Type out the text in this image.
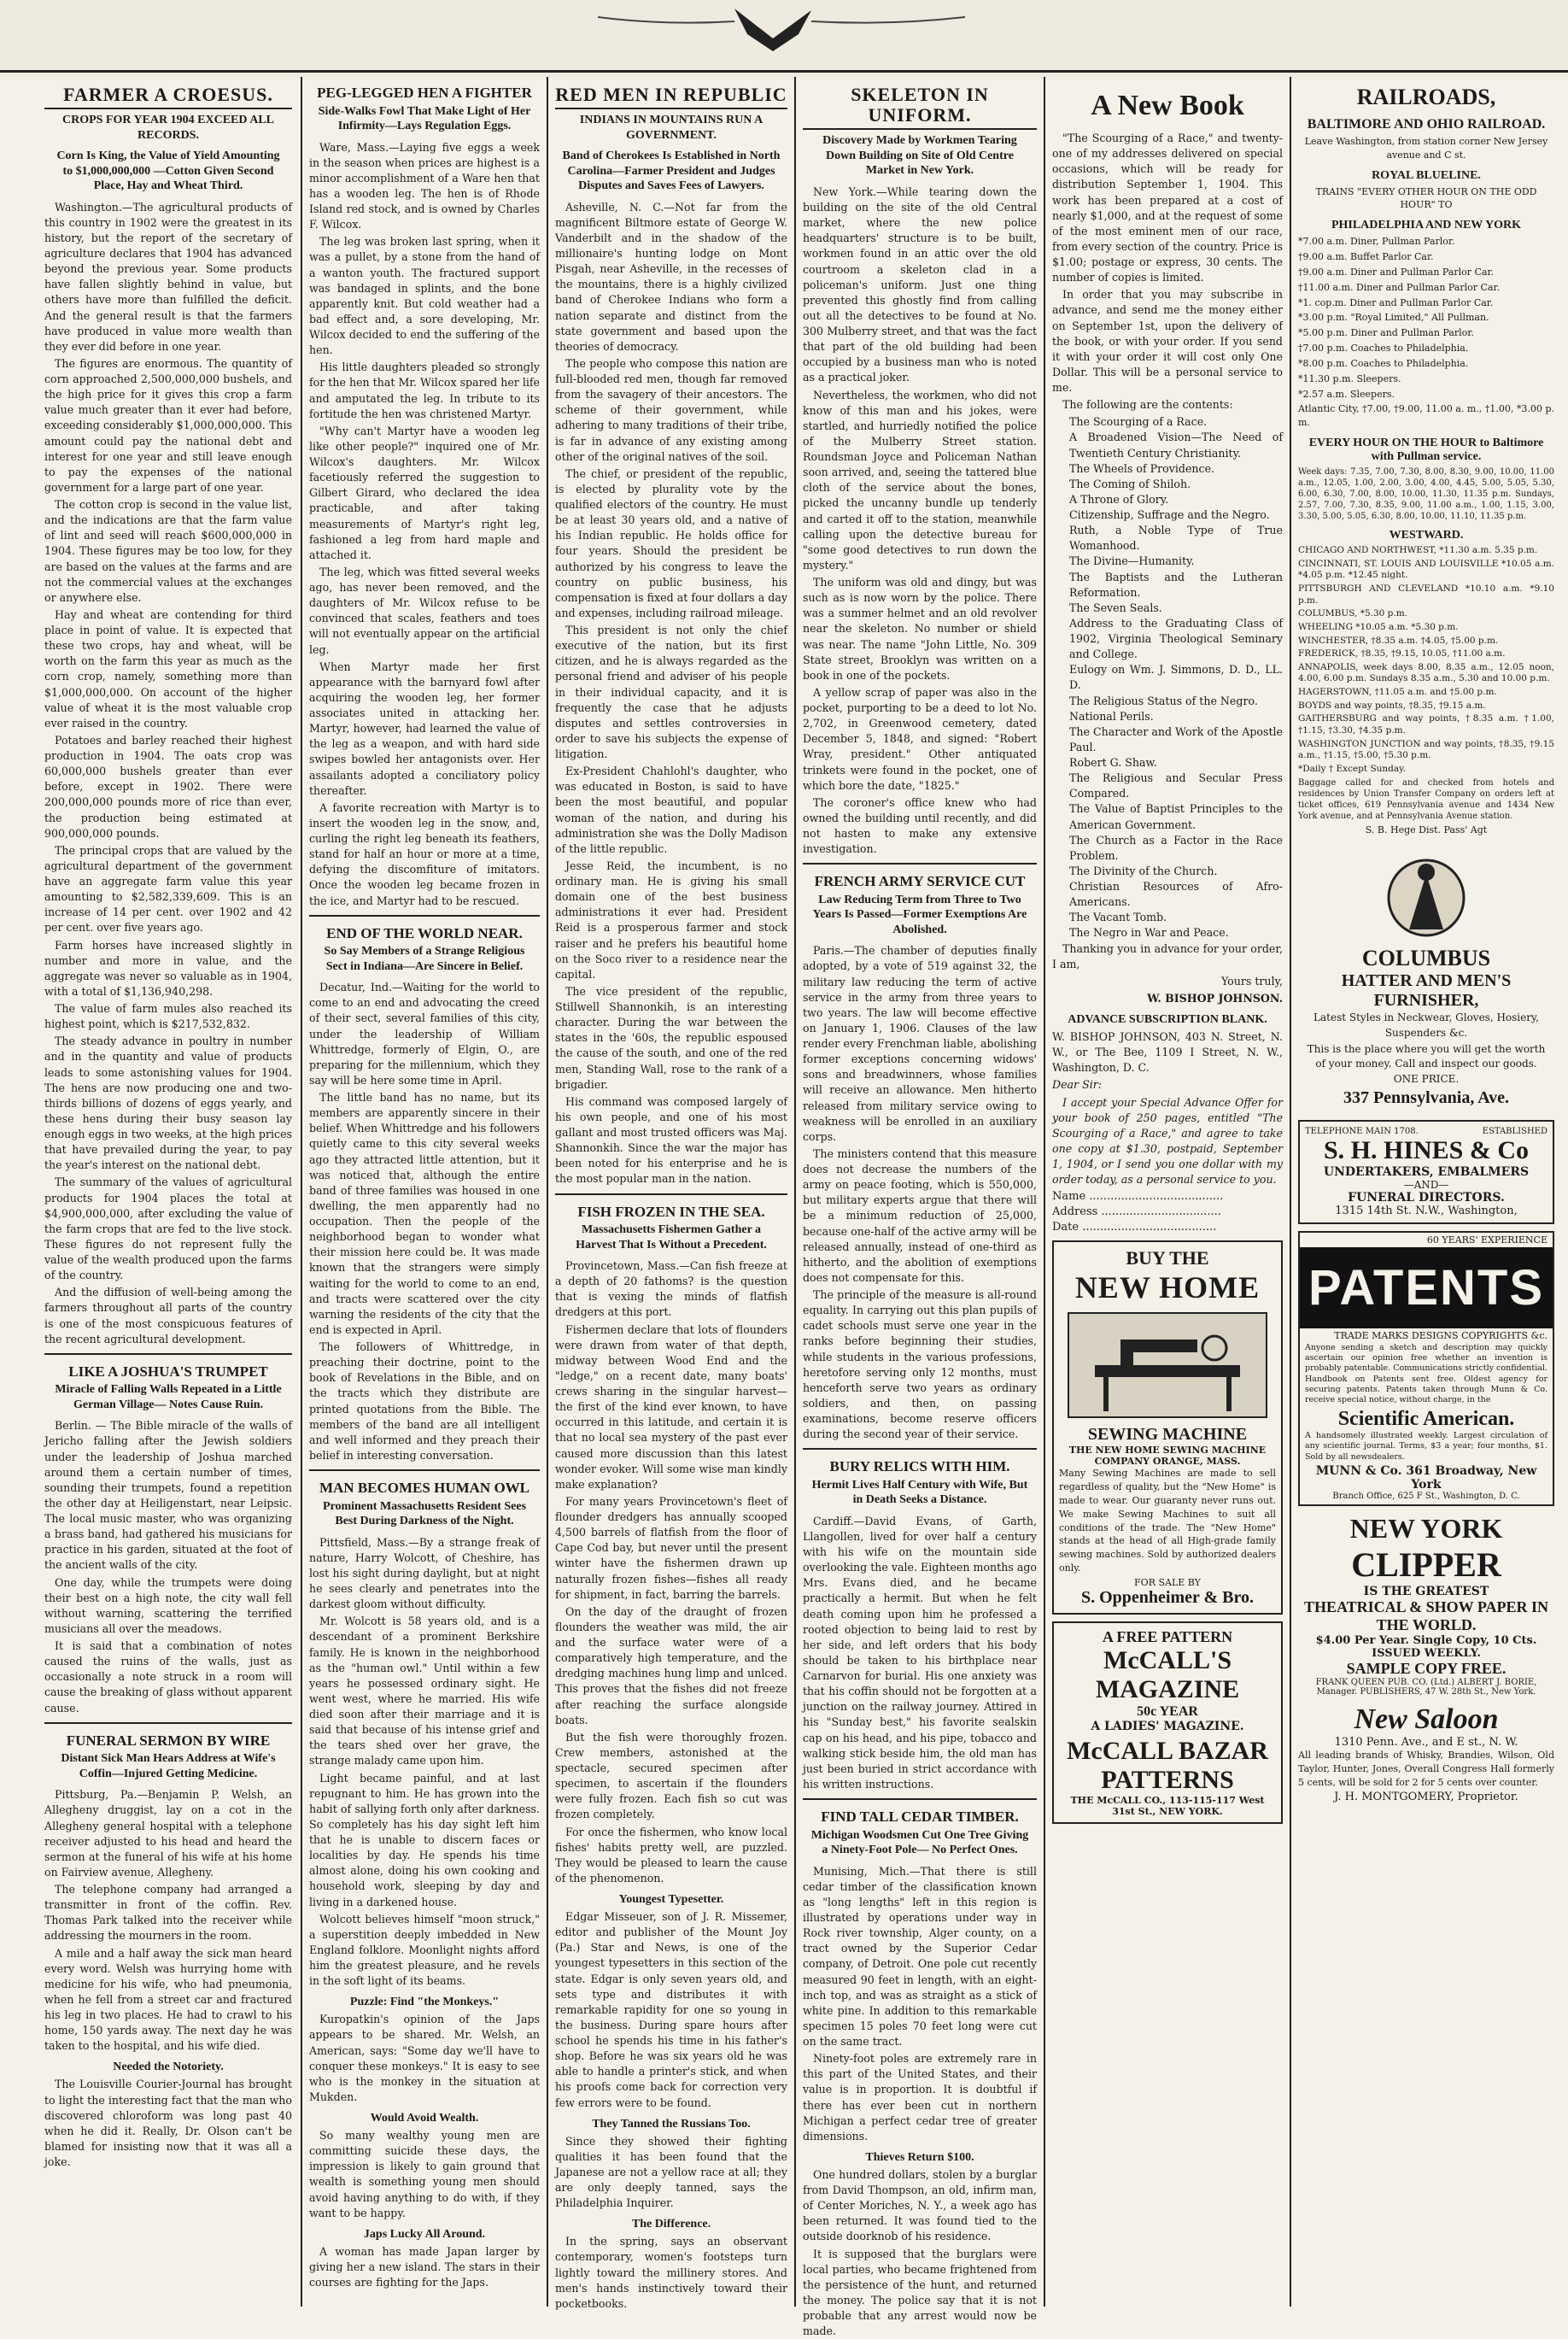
FARMER A CROESUS.
CROPS FOR YEAR 1904 EXCEED ALL RECORDS.
Corn Is King, the Value of Yield Amounting to $1,000,000,000 —Cotton Given Second Place, Hay and Wheat Third.

Washington.—The agricultural products of this country in 1902 were the greatest in its history, but the report of the secretary of agriculture declares that 1904 has advanced beyond the previous year. Some products have fallen slightly behind in value, but others have more than fulfilled the deficit. And the general result is that the farmers have produced in value more wealth than they ever did before in one year.

The figures are enormous. The quantity of corn approached 2,500,000,000 bushels, and the high price for it gives this crop a farm value much greater than it ever had before, exceeding considerably $1,000,000,000. This amount could pay the national debt and interest for one year and still leave enough to pay the expenses of the national government for a large part of one year.

The cotton crop is second in the value list, and the indications are that the farm value of lint and seed will reach $600,000,000 in 1904. These figures may be too low, for they are based on the values at the farms and are not the commercial values at the exchanges or anywhere else.

Hay and wheat are contending for third place in point of value. It is expected that these two crops, hay and wheat, will be worth on the farm this year as much as the corn crop, namely, something more than $1,000,000,000. On account of the higher value of wheat it is the most valuable crop ever raised in the country.

Potatoes and barley reached their highest production in 1904. The oats crop was 60,000,000 bushels greater than ever before, except in 1902. There were 200,000,000 pounds more of rice than ever, the production being estimated at 900,000,000 pounds.

The principal crops that are valued by the agricultural department of the government have an aggregate farm value this year amounting to $2,582,339,609. This is an increase of 14 per cent. over 1902 and 42 per cent. over five years ago.

Farm horses have increased slightly in number and more in value, and the aggregate was never so valuable as in 1904, with a total of $1,136,940,298.

The value of farm mules also reached its highest point, which is $217,532,832.

The steady advance in poultry in number and in the quantity and value of products leads to some astonishing values for 1904. The hens are now producing one and two-thirds billions of dozens of eggs yearly, and these hens during their busy season lay enough eggs in two weeks, at the high prices that have prevailed during the year, to pay the year's interest on the national debt.

The summary of the values of agricultural products for 1904 places the total at $4,900,000,000, after excluding the value of the farm crops that are fed to the live stock. These figures do not represent fully the value of the wealth produced upon the farms of the country.

And the diffusion of well-being among the farmers throughout all parts of the country is one of the most conspicuous features of the recent agricultural development.

LIKE A JOSHUA'S TRUMPET
Miracle of Falling Walls Repeated in a Little German Village— Notes Cause Ruin.

Berlin. — The Bible miracle of the walls of Jericho falling after the Jewish soldiers under the leadership of Joshua marched around them a certain number of times, sounding their trumpets, found a repetition the other day at Heiligenstart, near Leipsic. The local music master, who was organizing a brass band, had gathered his musicians for practice in his garden, situated at the foot of the ancient walls of the city.

One day, while the trumpets were doing their best on a high note, the city wall fell without warning, scattering the terrified musicians all over the meadows.

It is said that a combination of notes caused the ruins of the walls, just as occasionally a note struck in a room will cause the breaking of glass without apparent cause.

FUNERAL SERMON BY WIRE
Distant Sick Man Hears Address at Wife's Coffin—Injured Getting Medicine.

Pittsburg, Pa.—Benjamin P. Welsh, an Allegheny druggist, lay on a cot in the Allegheny general hospital with a telephone receiver adjusted to his head and heard the sermon at the funeral of his wife at his home on Fairview avenue, Allegheny.

The telephone company had arranged a transmitter in front of the coffin. Rev. Thomas Park talked into the receiver while addressing the mourners in the room.

A mile and a half away the sick man heard every word. Welsh was hurrying home with medicine for his wife, who had pneumonia, when he fell from a street car and fractured his leg in two places. He had to crawl to his home, 150 yards away. The next day he was taken to the hospital, and his wife died.

Needed the Notoriety.

The Louisville Courier-Journal has brought to light the interesting fact that the man who discovered chloroform was long past 40 when he did it. Really, Dr. Olson can't be blamed for insisting now that it was all a joke.

PEG-LEGGED HEN A FIGHTER
Side-Walks Fowl That Make Light of Her Infirmity—Lays Regulation Eggs.

Ware, Mass.—Laying five eggs a week in the season when prices are highest is a minor accomplishment of a Ware hen that has a wooden leg. The hen is of Rhode Island red stock, and is owned by Charles F. Wilcox.

The leg was broken last spring, when it was a pullet, by a stone from the hand of a wanton youth. The fractured support was bandaged in splints, and the bone apparently knit. But cold weather had a bad effect and, a sore developing, Mr. Wilcox decided to end the suffering of the hen.

His little daughters pleaded so strongly for the hen that Mr. Wilcox spared her life and amputated the leg. In tribute to its fortitude the hen was christened Martyr.

"Why can't Martyr have a wooden leg like other people?" inquired one of Mr. Wilcox's daughters. Mr. Wilcox facetiously referred the suggestion to Gilbert Girard, who declared the idea practicable, and after taking measurements of Martyr's right leg, fashioned a leg from hard maple and attached it.

The leg, which was fitted several weeks ago, has never been removed, and the daughters of Mr. Wilcox refuse to be convinced that scales, feathers and toes will not eventually appear on the artificial leg.

When Martyr made her first appearance with the barnyard fowl after acquiring the wooden leg, her former associates united in attacking her. Martyr, however, had learned the value of the leg as a weapon, and with hard side swipes bowled her antagonists over. Her assailants adopted a conciliatory policy thereafter.

A favorite recreation with Martyr is to insert the wooden leg in the snow, and, curling the right leg beneath its feathers, stand for half an hour or more at a time, defying the discomfiture of imitators. Once the wooden leg became frozen in the ice, and Martyr had to be rescued.

END OF THE WORLD NEAR.
So Say Members of a Strange Religious Sect in Indiana—Are Sincere in Belief.

Decatur, Ind.—Waiting for the world to come to an end and advocating the creed of their sect, several families of this city, under the leadership of William Whittredge, formerly of Elgin, O., are preparing for the millennium, which they say will be here some time in April.

The little band has no name, but its members are apparently sincere in their belief. When Whittredge and his followers quietly came to this city several weeks ago they attracted little attention, but it was noticed that, although the entire band of three families was housed in one dwelling, the men apparently had no occupation. Then the people of the neighborhood began to wonder what their mission here could be. It was made known that the strangers were simply waiting for the world to come to an end, and tracts were scattered over the city warning the residents of the city that the end is expected in April.

The followers of Whittredge, in preaching their doctrine, point to the book of Revelations in the Bible, and on the tracts which they distribute are printed quotations from the Bible. The members of the band are all intelligent and well informed and they preach their belief in interesting conversation.

MAN BECOMES HUMAN OWL
Prominent Massachusetts Resident Sees Best During Darkness of the Night.

Pittsfield, Mass.—By a strange freak of nature, Harry Wolcott, of Cheshire, has lost his sight during daylight, but at night he sees clearly and penetrates into the darkest gloom without difficulty.

Mr. Wolcott is 58 years old, and is a descendant of a prominent Berkshire family. He is known in the neighborhood as the "human owl." Until within a few years he possessed ordinary sight. He went west, where he married. His wife died soon after their marriage and it is said that because of his intense grief and the tears shed over her grave, the strange malady came upon him.

Light became painful, and at last repugnant to him. He has grown into the habit of sallying forth only after darkness. So completely has his day sight left him that he is unable to discern faces or localities by day. He spends his time almost alone, doing his own cooking and household work, sleeping by day and living in a darkened house.

Wolcott believes himself "moon struck," a superstition deeply imbedded in New England folklore. Moonlight nights afford him the greatest pleasure, and he revels in the soft light of its beams.

Puzzle: Find "the Monkeys."

Kuropatkin's opinion of the Japs appears to be shared. Mr. Welsh, an American, says: "Some day we'll have to conquer these monkeys." It is easy to see who is the monkey in the situation at Mukden.

Would Avoid Wealth.

So many wealthy young men are committing suicide these days, the impression is likely to gain ground that wealth is something young men should avoid having anything to do with, if they want to be happy.

Japs Lucky All Around.

A woman has made Japan larger by giving her a new island. The stars in their courses are fighting for the Japs.

RED MEN IN REPUBLIC
INDIANS IN MOUNTAINS RUN A GOVERNMENT.
Band of Cherokees Is Established in North Carolina—Farmer President and Judges Disputes and Saves Fees of Lawyers.

Asheville, N. C.—Not far from the magnificent Biltmore estate of George W. Vanderbilt and in the shadow of the millionaire's hunting lodge on Mont Pisgah, near Asheville, in the recesses of the mountains, there is a highly civilized band of Cherokee Indians who form a nation separate and distinct from the state government and based upon the theories of democracy.

The people who compose this nation are full-blooded red men, though far removed from the savagery of their ancestors. The scheme of their government, while adhering to many traditions of their tribe, is far in advance of any existing among other of the original natives of the soil.

The chief, or president of the republic, is elected by plurality vote by the qualified electors of the country. He must be at least 30 years old, and a native of his Indian republic. He holds office for four years. Should the president be authorized by his congress to leave the country on public business, his compensation is fixed at four dollars a day and expenses, including railroad mileage.

This president is not only the chief executive of the nation, but its first citizen, and he is always regarded as the personal friend and adviser of his people in their individual capacity, and it is frequently the case that he adjusts disputes and settles controversies in order to save his subjects the expense of litigation.

Ex-President Chahlohl's daughter, who was educated in Boston, is said to have been the most beautiful, and popular woman of the nation, and during his administration she was the Dolly Madison of the little republic.

Jesse Reid, the incumbent, is no ordinary man. He is giving his small domain one of the best business administrations it ever had. President Reid is a prosperous farmer and stock raiser and he prefers his beautiful home on the Soco river to a residence near the capital.

The vice president of the republic, Stillwell Shannonkih, is an interesting character. During the war between the states in the '60s, the republic espoused the cause of the south, and one of the red men, Standing Wall, rose to the rank of a brigadier.

His command was composed largely of his own people, and one of his most gallant and most trusted officers was Maj. Shannonkih. Since the war the major has been noted for his enterprise and he is the most popular man in the nation.

FISH FROZEN IN THE SEA.
Massachusetts Fishermen Gather a Harvest That Is Without a Precedent.

Provincetown, Mass.—Can fish freeze at a depth of 20 fathoms? is the question that is vexing the minds of flatfish dredgers at this port.

Fishermen declare that lots of flounders were drawn from water of that depth, midway between Wood End and the "ledge," on a recent date, many boats' crews sharing in the singular harvest—the first of the kind ever known, to have occurred in this latitude, and certain it is that no local sea mystery of the past ever caused more discussion than this latest wonder evoker. Will some wise man kindly make explanation?

For many years Provincetown's fleet of flounder dredgers has annually scooped 4,500 barrels of flatfish from the floor of Cape Cod bay, but never until the present winter have the fishermen drawn up naturally frozen fishes—fishes all ready for shipment, in fact, barring the barrels.

On the day of the draught of frozen flounders the weather was mild, the air and the surface water were of a comparatively high temperature, and the dredging machines hung limp and unlced. This proves that the fishes did not freeze after reaching the surface alongside boats.

But the fish were thoroughly frozen. Crew members, astonished at the spectacle, secured specimen after specimen, to ascertain if the flounders were fully frozen. Each fish so cut was frozen completely.

For once the fishermen, who know local fishes' habits pretty well, are puzzled. They would be pleased to learn the cause of the phenomenon.

Youngest Typesetter.

Edgar Misseuer, son of J. R. Missemer, editor and publisher of the Mount Joy (Pa.) Star and News, is one of the youngest typesetters in this section of the state. Edgar is only seven years old, and sets type and distributes it with remarkable rapidity for one so young in the business. During spare hours after school he spends his time in his father's shop. Before he was six years old he was able to handle a printer's stick, and when his proofs come back for correction very few errors were to be found.

They Tanned the Russians Too.

Since they showed their fighting qualities it has been found that the Japanese are not a yellow race at all; they are only deeply tanned, says the Philadelphia Inquirer.

The Difference.

In the spring, says an observant contemporary, women's footsteps turn lightly toward the millinery stores. And men's hands instinctively toward their pocketbooks.

SKELETON IN UNIFORM.
Discovery Made by Workmen Tearing Down Building on Site of Old Centre Market in New York.

New York.—While tearing down the building on the site of the old Central market, where the new police headquarters' structure is to be built, workmen found in an attic over the old courtroom a skeleton clad in a policeman's uniform. Just one thing prevented this ghostly find from calling out all the detectives to be found at No. 300 Mulberry street, and that was the fact that part of the old building had been occupied by a business man who is noted as a practical joker.

Nevertheless, the workmen, who did not know of this man and his jokes, were startled, and hurriedly notified the police of the Mulberry Street station. Roundsman Joyce and Policeman Nathan soon arrived, and, seeing the tattered blue cloth of the service about the bones, picked the uncanny bundle up tenderly and carted it off to the station, meanwhile calling upon the detective bureau for "some good detectives to run down the mystery."

The uniform was old and dingy, but was such as is now worn by the police. There was a summer helmet and an old revolver near the skeleton. No number or shield was near. The name "John Little, No. 309 State street, Brooklyn was written on a book in one of the pockets.

A yellow scrap of paper was also in the pocket, purporting to be a deed to lot No. 2,702, in Greenwood cemetery, dated December 5, 1848, and signed: "Robert Wray, president." Other antiquated trinkets were found in the pocket, one of which bore the date, "1825."

The coroner's office knew who had owned the building until recently, and did not hasten to make any extensive investigation.

FRENCH ARMY SERVICE CUT
Law Reducing Term from Three to Two Years Is Passed—Former Exemptions Are Abolished.

Paris.—The chamber of deputies finally adopted, by a vote of 519 against 32, the military law reducing the term of active service in the army from three years to two years. The law will become effective on January 1, 1906. Clauses of the law render every Frenchman liable, abolishing former exceptions concerning widows' sons and breadwinners, whose families will receive an allowance. Men hitherto released from military service owing to weakness will be enrolled in an auxiliary corps.

The ministers contend that this measure does not decrease the numbers of the army on peace footing, which is 550,000, but military experts argue that there will be a minimum reduction of 25,000, because one-half of the active army will be released annually, instead of one-third as hitherto, and the abolition of exemptions does not compensate for this.

The principle of the measure is all-round equality. In carrying out this plan pupils of cadet schools must serve one year in the ranks before beginning their studies, while students in the various professions, heretofore serving only 12 months, must henceforth serve two years as ordinary soldiers, and then, on passing examinations, become reserve officers during the second year of their service.

BURY RELICS WITH HIM.
Hermit Lives Half Century with Wife, But in Death Seeks a Distance.

Cardiff.—David Evans, of Garth, Llangollen, lived for over half a century with his wife on the mountain side overlooking the vale. Eighteen months ago Mrs. Evans died, and he became practically a hermit. But when he felt death coming upon him he professed a rooted objection to being laid to rest by her side, and left orders that his body should be taken to his birthplace near Carnarvon for burial. His one anxiety was that his coffin should not be forgotten at a junction on the railway journey. Attired in his "Sunday best," his favorite sealskin cap on his head, and his pipe, tobacco and walking stick beside him, the old man has just been buried in strict accordance with his written instructions.

FIND TALL CEDAR TIMBER.
Michigan Woodsmen Cut One Tree Giving a Ninety-Foot Pole— No Perfect Ones.

Munising, Mich.—That there is still cedar timber of the classification known as "long lengths" left in this region is illustrated by operations under way in Rock river township, Alger county, on a tract owned by the Superior Cedar company, of Detroit. One pole cut recently measured 90 feet in length, with an eight-inch top, and was as straight as a stick of white pine. In addition to this remarkable specimen 15 poles 70 feet long were cut on the same tract.

Ninety-foot poles are extremely rare in this part of the United States, and their value is in proportion. It is doubtful if there has ever been cut in northern Michigan a perfect cedar tree of greater dimensions.

Thieves Return $100.

One hundred dollars, stolen by a burglar from David Thompson, an old, infirm man, of Center Moriches, N. Y., a week ago has been returned. It was found tied to the outside doorknob of his residence.

It is supposed that the burglars were local parties, who became frightened from the persistence of the hunt, and returned the money. The police say that it is not probable that any arrest would now be made.

A New Book

"The Scourging of a Race," and twenty-one of my addresses delivered on special occasions, which will be ready for distribution September 1, 1904. This work has been prepared at a cost of nearly $1,000, and at the request of some of the most eminent men of our race, from every section of the country. Price is $1.00; postage or express, 30 cents. The number of copies is limited.

In order that you may subscribe in advance, and send me the money either on September 1st, upon the delivery of the book, or with your order. If you send it with your order it will cost only One Dollar. This will be a personal service to me.

The following are the contents:

The Scourging of a Race.

A Broadened Vision—The Need of Twentieth Century Christianity.

The Wheels of Providence.

The Coming of Shiloh.

A Throne of Glory.

Citizenship, Suffrage and the Negro.

Ruth, a Noble Type of True Womanhood.

The Divine—Humanity.

The Baptists and the Lutheran Reformation.

The Seven Seals.

Address to the Graduating Class of 1902, Virginia Theological Seminary and College.

Eulogy on Wm. J. Simmons, D. D., LL. D.

The Religious Status of the Negro.

National Perils.

The Character and Work of the Apostle Paul.

Robert G. Shaw.

The Religious and Secular Press Compared.

The Value of Baptist Principles to the American Government.

The Church as a Factor in the Race Problem.

The Divinity of the Church.

Christian Resources of Afro-Americans.

The Vacant Tomb.

The Negro in War and Peace.

Thanking you in advance for your order, I am,

Yours truly,

W. BISHOP JOHNSON.

ADVANCE SUBSCRIPTION BLANK.

W. BISHOP JOHNSON, 403 N. Street, N. W., or The Bee, 1109 I Street, N. W., Washington, D. C.

Dear Sir:

I accept your Special Advance Offer for your book of 250 pages, entitled "The Scourging of a Race," and agree to take one copy at $1.30, postpaid, September 1, 1904, or I send you one dollar with my order today, as a personal service to you.

Name ......................................
Address ..................................
Date ......................................
BUY THE
NEW HOME
SEWING MACHINE
THE NEW HOME SEWING MACHINE COMPANY ORANGE, MASS.

Many Sewing Machines are made to sell regardless of quality, but the "New Home" is made to wear. Our guaranty never runs out. We make Sewing Machines to suit all conditions of the trade. The "New Home" stands at the head of all High-grade family sewing machines. Sold by authorized dealers only.

FOR SALE BY
S. Oppenheimer & Bro.
A FREE PATTERN
McCALL'S MAGAZINE
50c YEAR
A LADIES' MAGAZINE.
McCALL BAZAR PATTERNS
THE McCALL CO., 113-115-117 West 31st St., NEW YORK.
RAILROADS,
BALTIMORE AND OHIO RAILROAD.

Leave Washington, from station corner New Jersey avenue and C st.

ROYAL BLUELINE.

TRAINS "EVERY OTHER HOUR ON THE ODD HOUR" TO

PHILADELPHIA AND NEW YORK

*7.00 a.m. Diner, Pullman Parlor.

†9.00 a.m. Buffet Parlor Car.

†9.00 a.m. Diner and Pullman Parlor Car.

†11.00 a.m. Diner and Pullman Parlor Car.

*1. cop.m. Diner and Pullman Parlor Car.

*3.00 p.m. "Royal Limited," All Pullman.

*5.00 p.m. Diner and Pullman Parlor.

†7.00 p.m. Coaches to Philadelphia.

*8.00 p.m. Coaches to Philadelphia.

*11.30 p.m. Sleepers.

*2.57 a.m. Sleepers.

Atlantic City, †7.00, †9.00, 11.00 a. m., †1.00, *3.00 p. m.

EVERY HOUR ON THE HOUR to Baltimore with Pullman service.

Week days: 7.35, 7.00, 7.30, 8.00, 8.30, 9.00, 10.00, 11.00 a.m., 12.05, 1.00, 2.00, 3.00, 4.00, 4.45, 5.00, 5.05, 5.30, 6.00, 6.30, 7.00, 8.00, 10.00, 11.30, 11.35 p.m. Sundays, 2.57, 7.00, 7.30, 8.35, 9.00, 11.00 a.m., 1.00, 1.15, 3.00, 3.30, 5.00, 5.05, 6.30, 8.00, 10.00, 11.10, 11.35 p.m.

WESTWARD.

CHICAGO AND NORTHWEST, *11.30 a.m. 5.35 p.m.

CINCINNATI, ST. LOUIS AND LOUISVILLE *10.05 a.m. *4.05 p.m. *12.45 night.

PITTSBURGH AND CLEVELAND *10.10 a.m. *9.10 p.m.

COLUMBUS, *5.30 p.m.

WHEELING *10.05 a.m. *5.30 p.m.

WINCHESTER, †8.35 a.m. †4.05, †5.00 p.m.

FREDERICK, †8.35, †9.15, 10.05, †11.00 a.m.

ANNAPOLIS, week days 8.00, 8.35 a.m., 12.05 noon, 4.00, 6.00 p.m. Sundays 8.35 a.m., 5.30 and 10.00 p.m.

HAGERSTOWN, †11.05 a.m. and †5.00 p.m.

BOYDS and way points, †8.35, †9.15 a.m.

GAITHERSBURG and way points, †8.35 a.m. †1.00, †1.15, †3.30, †4.35 p.m.

WASHINGTON JUNCTION and way points, †8.35, †9.15 a.m., †1.15, †5.00, †5.30 p.m.

*Daily † Except Sunday.

Baggage called for and checked from hotels and residences by Union Transfer Company on orders left at ticket offices, 619 Pennsylvania avenue and 1434 New York avenue, and at Pennsylvania Avenue station.

S. B. Hege Dist. Pass' Agt

COLUMBUS
HATTER AND MEN'S FURNISHER,

Latest Styles in Neckwear, Gloves, Hosiery, Suspenders &c.

This is the place where you will get the worth of your money. Call and inspect our goods. ONE PRICE.

337 Pennsylvania, Ave.
TELEPHONE MAIN 1708.	ESTABLISHED
S. H. HINES & Co
UNDERTAKERS, EMBALMERS
—AND—
FUNERAL DIRECTORS.
1315 14th St. N.W., Washington,
60 YEARS' EXPERIENCE
PATENTS
TRADE MARKS DESIGNS COPYRIGHTS &c.

Anyone sending a sketch and description may quickly ascertain our opinion free whether an invention is probably patentable. Communications strictly confidential. Handbook on Patents sent free. Oldest agency for securing patents. Patents taken through Munn & Co. receive special notice, without charge, in the

Scientific American.

A handsomely illustrated weekly. Largest circulation of any scientific journal. Terms, $3 a year; four months, $1. Sold by all newsdealers.

MUNN & Co. 361 Broadway, New York
Branch Office, 625 F St., Washington, D. C.
NEW YORK
CLIPPER
IS THE GREATEST
THEATRICAL & SHOW PAPER IN THE WORLD.
$4.00 Per Year. Single Copy, 10 Cts. ISSUED WEEKLY.
SAMPLE COPY FREE.
FRANK QUEEN PUB. CO. (Ltd.) ALBERT J. BORIE, Manager. PUBLISHERS, 47 W. 28th St., New York.
New Saloon
1310 Penn. Ave., and E st., N. W.

All leading brands of Whisky, Brandies, Wilson, Old Taylor, Hunter, Jones, Overall Congress Hall formerly 5 cents, will be sold for 2 for 5 cents over counter.

J. H. MONTGOMERY, Proprietor.
